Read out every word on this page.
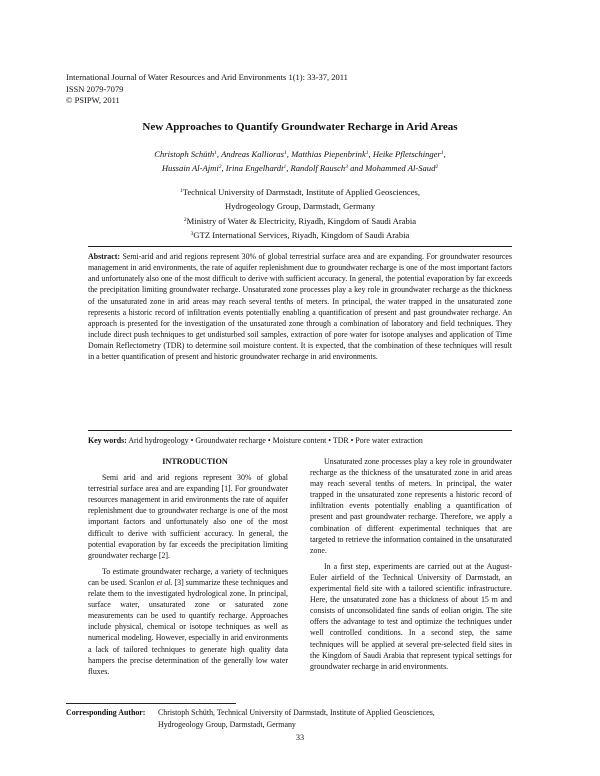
International Journal of Water Resources and Arid Environments 1(1): 33-37, 2011
ISSN 2079-7079
© PSIPW, 2011
New Approaches to Quantify Groundwater Recharge in Arid Areas
Christoph Schüth$^1$, Andreas Kallioras$^1$, Matthias Piepenbrink$^1$, Heike Pfletschinger$^1$,
Hussain Al-Ajmi$^2$, Irina Engelhardt$^1$, Randolf Rausch$^3$ and Mohammed Al-Saud$^2$
$^1$Technical University of Darmstadt, Institute of Applied Geosciences,
Hydrogeology Group, Darmstadt, Germany
$^2$Ministry of Water & Electricity, Riyadh, Kingdom of Saudi Arabia
$^3$GTZ International Services, Riyadh, Kingdom of Saudi Arabia
Abstract: Semi-arid and arid regions represent 30% of global terrestrial surface area and are expanding. For groundwater resources management in arid environments, the rate of aquifer replenishment due to groundwater recharge is one of the most important factors and unfortunately also one of the most difficult to derive with sufficient accuracy. In general, the potential evaporation by far exceeds the precipitation limiting groundwater recharge. Unsaturated zone processes play a key role in groundwater recharge as the thickness of the unsaturated zone in arid areas may reach several tenths of meters. In principal, the water trapped in the unsaturated zone represents a historic record of infiltration events potentially enabling a quantification of present and past groundwater recharge. An approach is presented for the investigation of the unsaturated zone through a combination of laboratory and field techniques. They include direct push techniques to get undisturbed soil samples, extraction of pore water for isotope analyses and application of Time Domain Reflectometry (TDR) to determine soil moisture content. It is expected, that the combination of these techniques will result in a better quantification of present and historic groundwater recharge in arid environments.
Key words: Arid hydrogeology • Groundwater recharge • Moisture content • TDR • Pore water extraction

INTRODUCTION

Semi arid and arid regions represent 30% of global terrestrial surface area and are expanding [1]. For groundwater resources management in arid environments the rate of aquifer replenishment due to groundwater recharge is one of the most important factors and unfortunately also one of the most difficult to derive with sufficient accuracy. In general, the potential evaporation by far exceeds the precipitation limiting groundwater recharge [2].

To estimate groundwater recharge, a variety of techniques can be used. Scanlon et al. [3] summarize these techniques and relate them to the investigated hydrological zone. In principal, surface water, unsaturated zone or saturated zone measurements can be used to quantify recharge. Approaches include physical, chemical or isotope techniques as well as numerical modeling. However, especially in arid environments a lack of tailored techniques to generate high quality data hampers the precise determination of the generally low water fluxes.

Unsaturated zone processes play a key role in groundwater recharge as the thickness of the unsaturated zone in arid areas may reach several tenths of meters. In principal, the water trapped in the unsaturated zone represents a historic record of infiltration events potentially enabling a quantification of present and past groundwater recharge. Therefore, we apply a combination of different experimental techniques that are targeted to retrieve the information contained in the unsaturated zone.

In a first step, experiments are carried out at the August-Euler airfield of the Technical University of Darmstadt, an experimental field site with a tailored scientific infrastructure. Here, the unsaturated zone has a thickness of about 15 m and consists of unconsolidated fine sands of eolian origin. The site offers the advantage to test and optimize the techniques under well controlled conditions. In a second step, the same techniques will be applied at several pre-selected field sites in the Kingdom of Saudi Arabia that represent typical settings for groundwater recharge in arid environments.

Corresponding Author: Christoph Schüth, Technical University of Darmstadt, Institute of Applied Geosciences,
Hydrogeology Group, Darmstadt, Germany
33
